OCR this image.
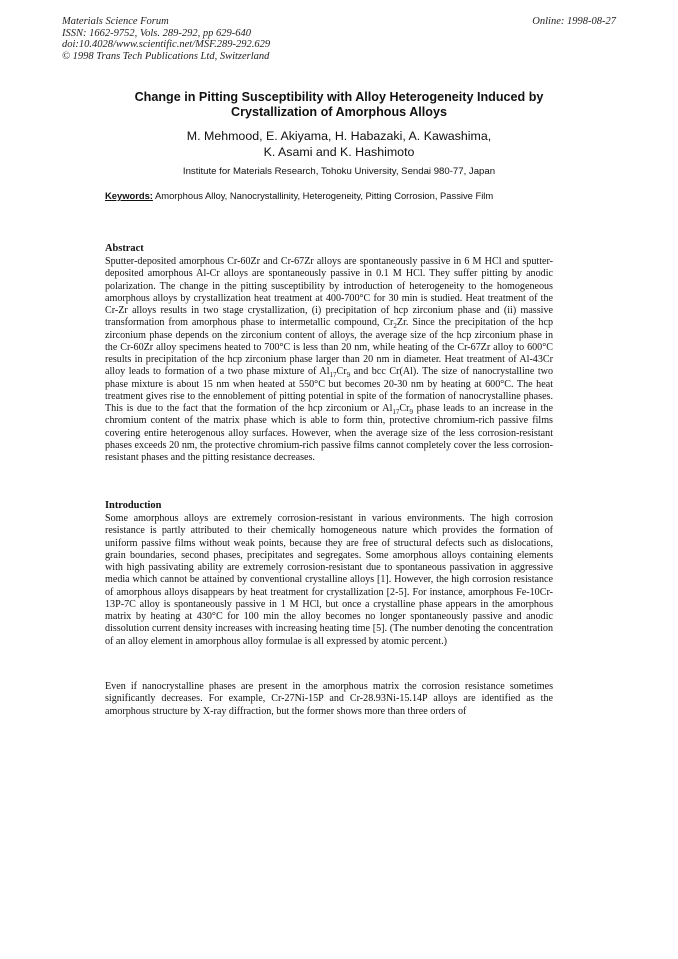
Materials Science Forum
ISSN: 1662-9752, Vols. 289-292, pp 629-640
doi:10.4028/www.scientific.net/MSF.289-292.629
© 1998 Trans Tech Publications Ltd, Switzerland
Online: 1998-08-27
Change in Pitting Susceptibility with Alloy Heterogeneity Induced by
Crystallization of Amorphous Alloys
M. Mehmood, E. Akiyama, H. Habazaki, A. Kawashima,
K. Asami and K. Hashimoto
Institute for Materials Research, Tohoku University, Sendai 980-77, Japan
Keywords: Amorphous Alloy, Nanocrystallinity, Heterogeneity, Pitting Corrosion, Passive Film
Abstract

Sputter-deposited amorphous Cr-60Zr and Cr-67Zr alloys are spontaneously passive in 6 M HCl and sputter-deposited amorphous Al-Cr alloys are spontaneously passive in 0.1 M HCl. They suffer pitting by anodic polarization. The change in the pitting susceptibility by introduction of heterogeneity to the homogeneous amorphous alloys by crystallization heat treatment at 400-700°C for 30 min is studied. Heat treatment of the Cr-Zr alloys results in two stage crystallization, (i) precipitation of hcp zirconium phase and (ii) massive transformation from amorphous phase to intermetallic compound, $Cr_2Zr$. Since the precipitation of the hcp zirconium phase depends on the zirconium content of alloys, the average size of the hcp zirconium phase in the Cr-60Zr alloy specimens heated to 700°C is less than 20 nm, while heating of the Cr-67Zr alloy to 600°C results in precipitation of the hcp zirconium phase larger than 20 nm in diameter. Heat treatment of Al-43Cr alloy leads to formation of a two phase mixture of $Al_{17}Cr_9$ and bcc Cr(Al). The size of nanocrystalline two phase mixture is about 15 nm when heated at 550°C but becomes 20-30 nm by heating at 600°C. The heat treatment gives rise to the ennoblement of pitting potential in spite of the formation of nanocrystalline phases. This is due to the fact that the formation of the hcp zirconium or $Al_{17}Cr_9$ phase leads to an increase in the chromium content of the matrix phase which is able to form thin, protective chromium-rich passive films covering entire heterogenous alloy surfaces. However, when the average size of the less corrosion-resistant phases exceeds 20 nm, the protective chromium-rich passive films cannot completely cover the less corrosion-resistant phases and the pitting resistance decreases.

Introduction

Some amorphous alloys are extremely corrosion-resistant in various environments. The high corrosion resistance is partly attributed to their chemically homogeneous nature which provides the formation of uniform passive films without weak points, because they are free of structural defects such as dislocations, grain boundaries, second phases, precipitates and segregates. Some amorphous alloys containing elements with high passivating ability are extremely corrosion-resistant due to spontaneous passivation in aggressive media which cannot be attained by conventional crystalline alloys [1]. However, the high corrosion resistance of amorphous alloys disappears by heat treatment for crystallization [2-5]. For instance, amorphous Fe-10Cr-13P-7C alloy is spontaneously passive in 1 M HCl, but once a crystalline phase appears in the amorphous matrix by heating at 430°C for 100 min the alloy becomes no longer spontaneously passive and anodic dissolution current density increases with increasing heating time [5]. (The number denoting the concentration of an alloy element in amorphous alloy formulae is all expressed by atomic percent.)

Even if nanocrystalline phases are present in the amorphous matrix the corrosion resistance sometimes significantly decreases. For example, Cr-27Ni-15P and Cr-28.93Ni-15.14P alloys are identified as the amorphous structure by X-ray diffraction, but the former shows more than three orders of
